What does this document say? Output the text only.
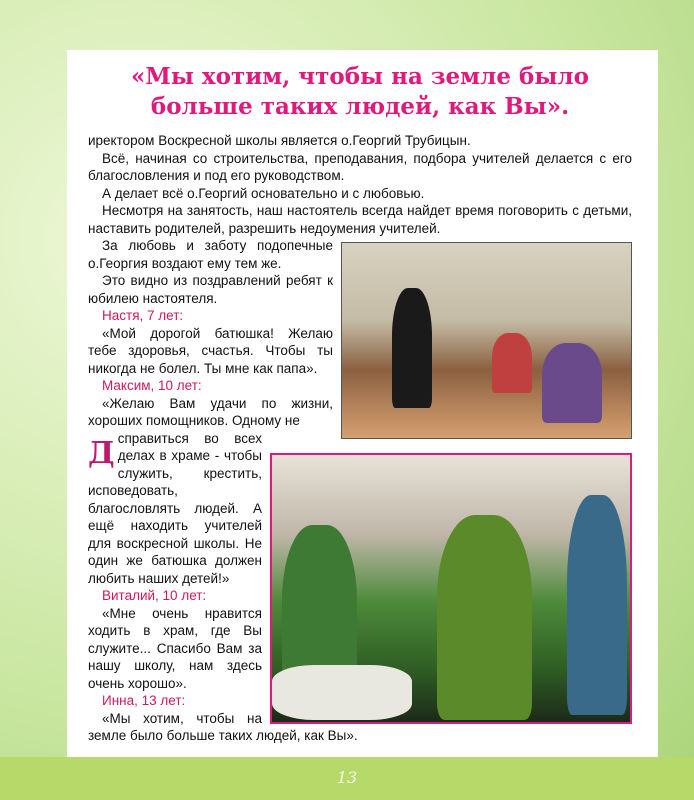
13
«Мы хотим, чтобы на земле было больше таких людей, как Вы».

Д
иректором Воскресной школы является о.Георгий Трубицын.

Всё, начиная со строительства, преподавания, подбора учителей делается с его благословления и под его руководством.

А делает всё о.Георгий основательно и с любовью.

Несмотря на занятость, наш настоятель всегда найдет время поговорить с детьми, наставить родителей, разрешить недоумения учителей.

За любовь и заботу подопечные о.Георгия воздают ему тем же.

Это видно из поздравлений ребят к юбилею настоятеля.

Настя, 7 лет:

«Мой дорогой батюшка! Желаю тебе здоровья, счастья. Чтобы ты никогда не болел. Ты мне как папа».

Максим, 10 лет:

«Желаю Вам удачи по жизни, хороших помощников. Одному не

справиться во всех делах в храме - чтобы служить, крестить, исповедовать, благословлять людей. А ещё находить учителей для воскресной школы. Не один же батюшка должен любить наших детей!»

Виталий, 10 лет:

«Мне очень нравится ходить в храм, где Вы служите... Спасибо Вам за нашу школу, нам здесь очень хорошо».

Инна, 13 лет:

«Мы хотим, чтобы на земле было больше таких людей, как Вы».
